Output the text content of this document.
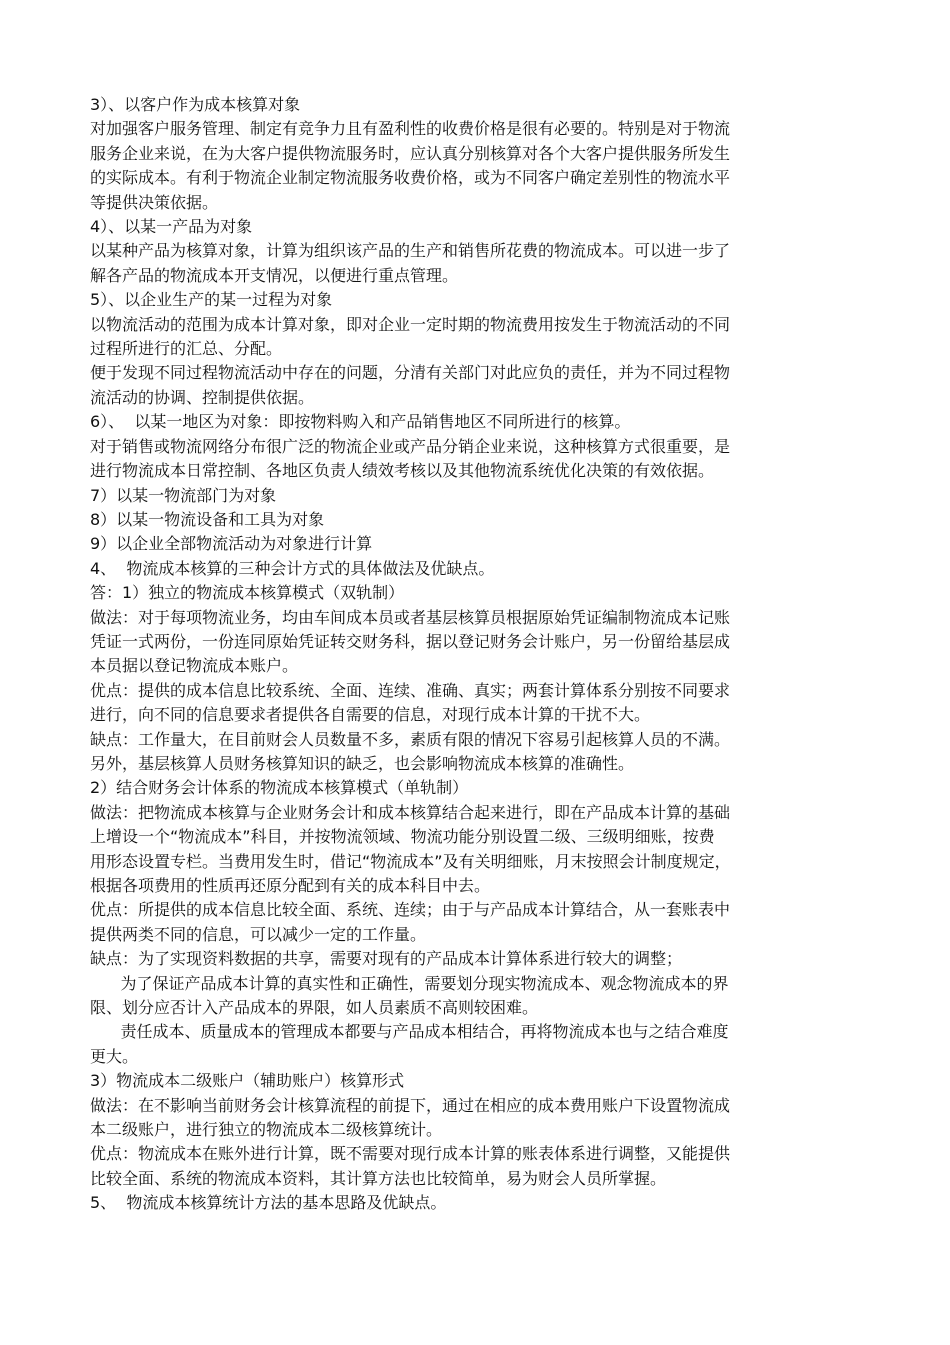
3）、以客户作为成本核算对象

对加强客户服务管理、制定有竞争力且有盈利性的收费价格是很有必要的。特别是对于物流

服务企业来说，在为大客户提供物流服务时，应认真分别核算对各个大客户提供服务所发生

的实际成本。有利于物流企业制定物流服务收费价格，或为不同客户确定差别性的物流水平

等提供决策依据。

4）、以某一产品为对象

以某种产品为核算对象，计算为组织该产品的生产和销售所花费的物流成本。可以进一步了

解各产品的物流成本开支情况，以便进行重点管理。

5）、以企业生产的某一过程为对象

以物流活动的范围为成本计算对象，即对企业一定时期的物流费用按发生于物流活动的不同

过程所进行的汇总、分配。

便于发现不同过程物流活动中存在的问题，分清有关部门对此应负的责任，并为不同过程物

流活动的协调、控制提供依据。

6）、  以某一地区为对象：即按物料购入和产品销售地区不同所进行的核算。

对于销售或物流网络分布很广泛的物流企业或产品分销企业来说，这种核算方式很重要，是

进行物流成本日常控制、各地区负责人绩效考核以及其他物流系统优化决策的有效依据。

7）以某一物流部门为对象

8）以某一物流设备和工具为对象

9）以企业全部物流活动为对象进行计算

4、  物流成本核算的三种会计方式的具体做法及优缺点。

答：1）独立的物流成本核算模式（双轨制）

做法：对于每项物流业务，均由车间成本员或者基层核算员根据原始凭证编制物流成本记账

凭证一式两份，一份连同原始凭证转交财务科，据以登记财务会计账户，另一份留给基层成

本员据以登记物流成本账户。

优点：提供的成本信息比较系统、全面、连续、准确、真实；两套计算体系分别按不同要求

进行，向不同的信息要求者提供各自需要的信息，对现行成本计算的干扰不大。

缺点：工作量大，在目前财会人员数量不多，素质有限的情况下容易引起核算人员的不满。

另外，基层核算人员财务核算知识的缺乏，也会影响物流成本核算的准确性。

2）结合财务会计体系的物流成本核算模式（单轨制）

做法：把物流成本核算与企业财务会计和成本核算结合起来进行，即在产品成本计算的基础

上增设一个“物流成本”科目，并按物流领域、物流功能分别设置二级、三级明细账，按费

用形态设置专栏。当费用发生时，借记“物流成本”及有关明细账，月末按照会计制度规定，

根据各项费用的性质再还原分配到有关的成本科目中去。

优点：所提供的成本信息比较全面、系统、连续；由于与产品成本计算结合，从一套账表中

提供两类不同的信息，可以减少一定的工作量。

缺点：为了实现资料数据的共享，需要对现有的产品成本计算体系进行较大的调整；

为了保证产品成本计算的真实性和正确性，需要划分现实物流成本、观念物流成本的界

限、划分应否计入产品成本的界限，如人员素质不高则较困难。

责任成本、质量成本的管理成本都要与产品成本相结合，再将物流成本也与之结合难度

更大。

3）物流成本二级账户（辅助账户）核算形式

做法：在不影响当前财务会计核算流程的前提下，通过在相应的成本费用账户下设置物流成

本二级账户，进行独立的物流成本二级核算统计。

优点：物流成本在账外进行计算，既不需要对现行成本计算的账表体系进行调整，又能提供

比较全面、系统的物流成本资料，其计算方法也比较简单，易为财会人员所掌握。

5、  物流成本核算统计方法的基本思路及优缺点。
